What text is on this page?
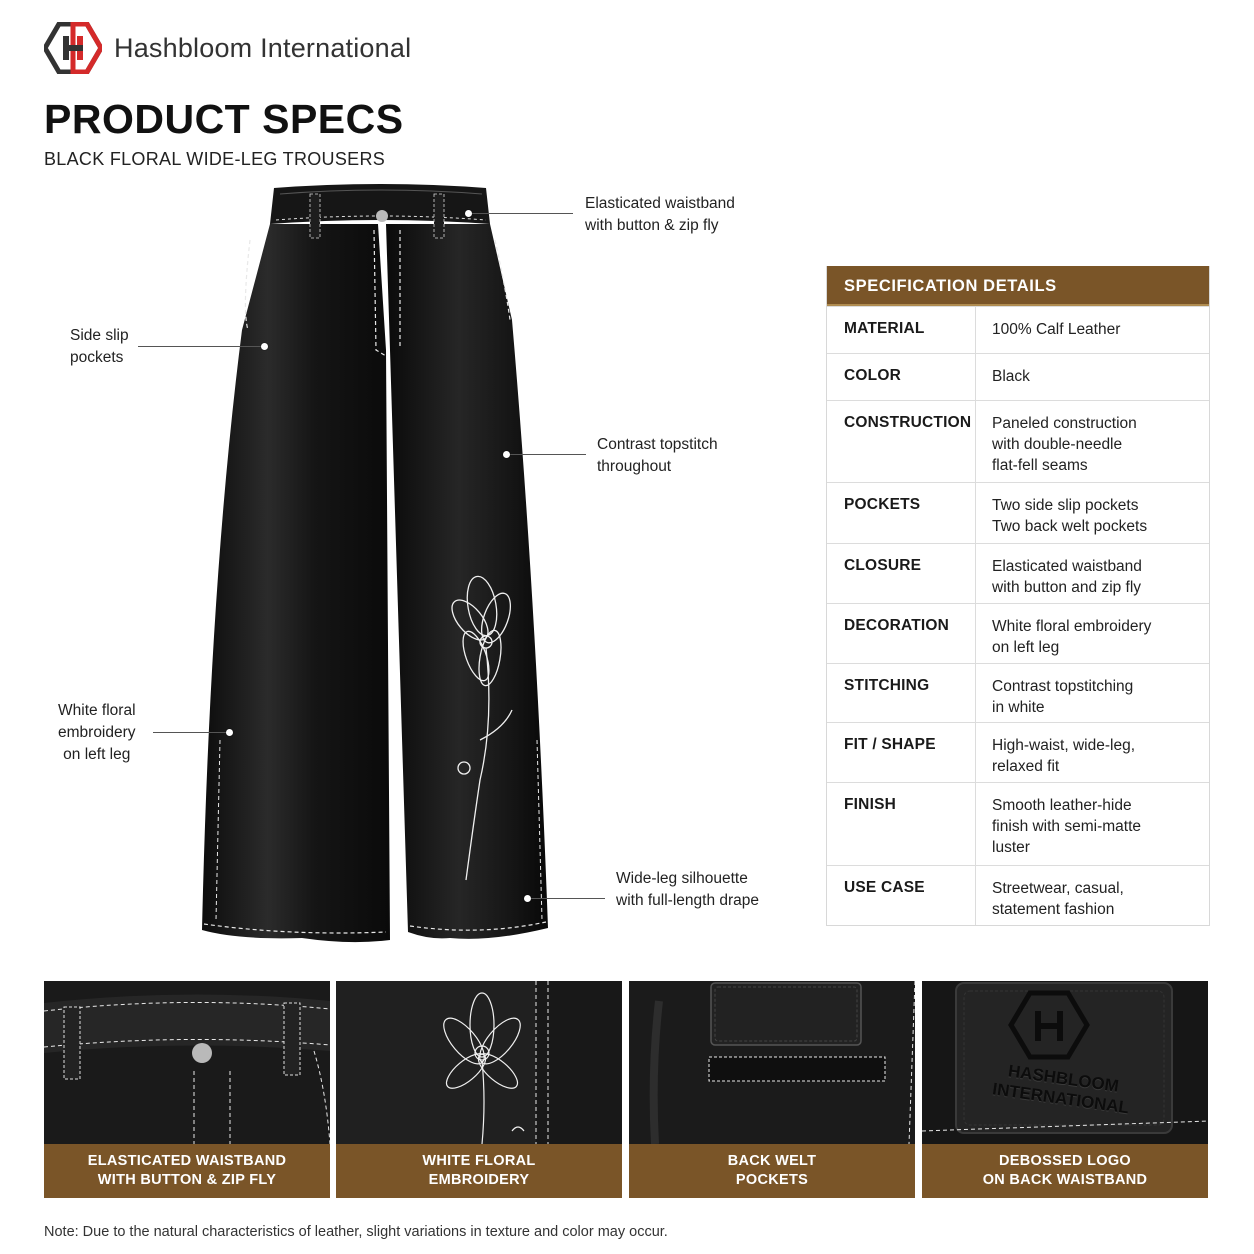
Hashbloom International
PRODUCT SPECS
BLACK FLORAL WIDE-LEG TROUSERS
Elasticated waistband
with button & zip fly
Side slip
pockets
Contrast topstitch
throughout
White floral
embroidery
on left leg
Wide-leg silhouette
with full-length drape
SPECIFICATION DETAILS
MATERIAL	100% Calf Leather
COLOR	Black
CONSTRUCTION	Paneled construction
with double-needle
flat-fell seams
POCKETS	Two side slip pockets
Two back welt pockets
CLOSURE	Elasticated waistband
with button and zip fly
DECORATION	White floral embroidery
on left leg
STITCHING	Contrast topstitching
in white
FIT / SHAPE	High-waist, wide-leg,
relaxed fit
FINISH	Smooth leather-hide
finish with semi-matte
luster
USE CASE	Streetwear, casual,
statement fashion
ELASTICATED WAISTBAND
WITH BUTTON & ZIP FLY
WHITE FLORAL
EMBROIDERY
BACK WELT
POCKETS
HASHBLOOM INTERNATIONAL
DEBOSSED LOGO
ON BACK WAISTBAND
Note: Due to the natural characteristics of leather, slight variations in texture and color may occur.
